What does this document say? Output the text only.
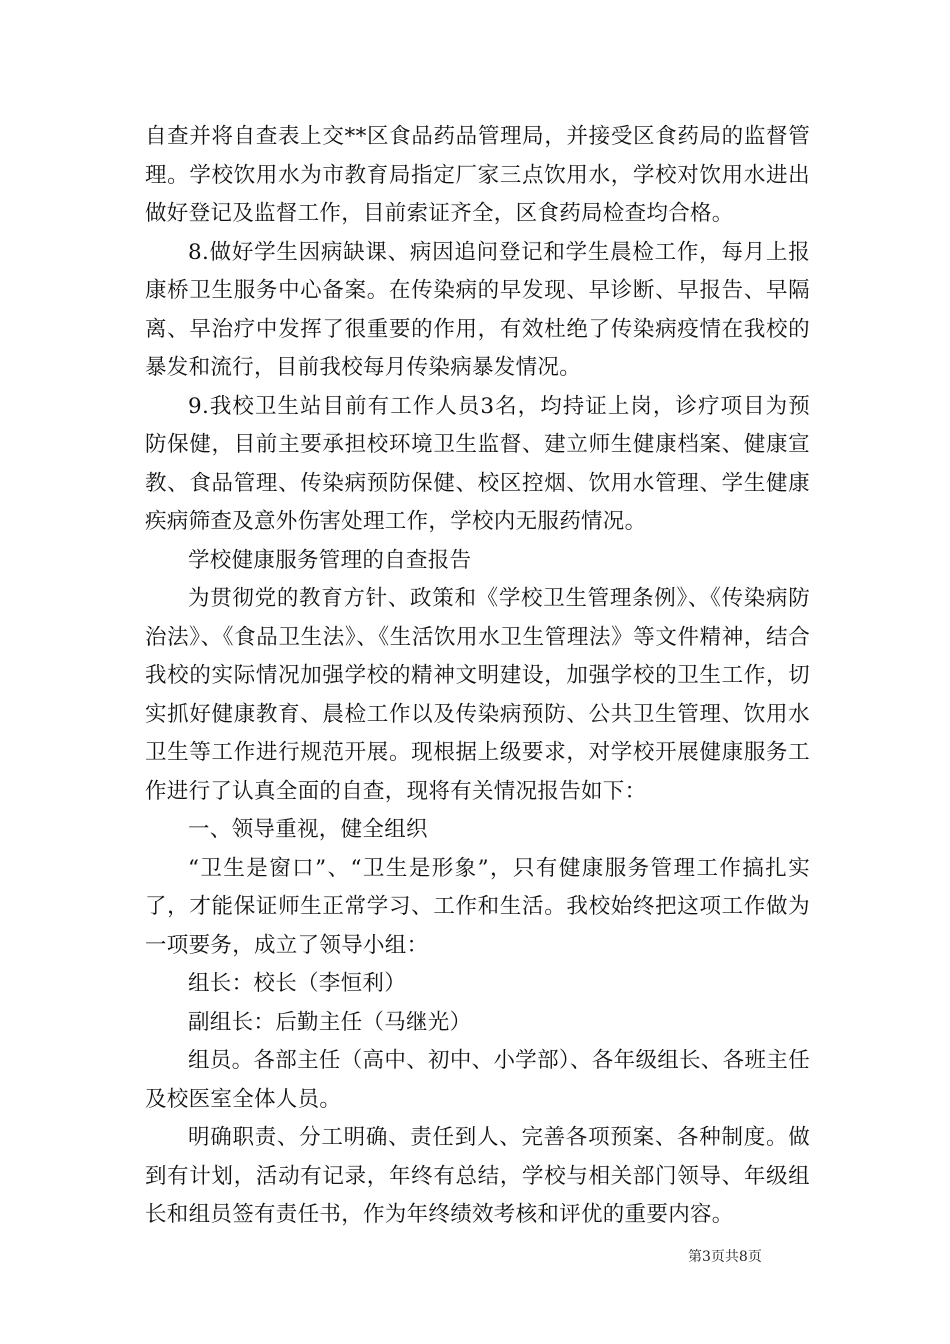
自查并将自查表上交**区食品药品管理局，并接受区食药局的监督管理。学校饮用水为市教育局指定厂家三点饮用水，学校对饮用水进出做好登记及监督工作，目前索证齐全，区食药局检查均合格。

8.做好学生因病缺课、病因追问登记和学生晨检工作，每月上报康桥卫生服务中心备案。在传染病的早发现、早诊断、早报告、早隔离、早治疗中发挥了很重要的作用，有效杜绝了传染病疫情在我校的暴发和流行，目前我校每月传染病暴发情况。

9.我校卫生站目前有工作人员3名，均持证上岗，诊疗项目为预防保健，目前主要承担校环境卫生监督、建立师生健康档案、健康宣教、食品管理、传染病预防保健、校区控烟、饮用水管理、学生健康疾病筛查及意外伤害处理工作，学校内无服药情况。

学校健康服务管理的自查报告

为贯彻党的教育方针、政策和《学校卫生管理条例》、《传染病防治法》、《食品卫生法》、《生活饮用水卫生管理法》等文件精神，结合我校的实际情况加强学校的精神文明建设，加强学校的卫生工作，切实抓好健康教育、晨检工作以及传染病预防、公共卫生管理、饮用水卫生等工作进行规范开展。现根据上级要求，对学校开展健康服务工作进行了认真全面的自查，现将有关情况报告如下：

一、领导重视，健全组织

“卫生是窗口”、“卫生是形象”，只有健康服务管理工作搞扎实了，才能保证师生正常学习、工作和生活。我校始终把这项工作做为一项要务，成立了领导小组：

组长：校长（李恒利）

副组长：后勤主任（马继光）

组员。各部主任（高中、初中、小学部）、各年级组长、各班主任及校医室全体人员。

明确职责、分工明确、责任到人、完善各项预案、各种制度。做到有计划，活动有记录，年终有总结，学校与相关部门领导、年级组长和组员签有责任书，作为年终绩效考核和评优的重要内容。

第3页共8页
